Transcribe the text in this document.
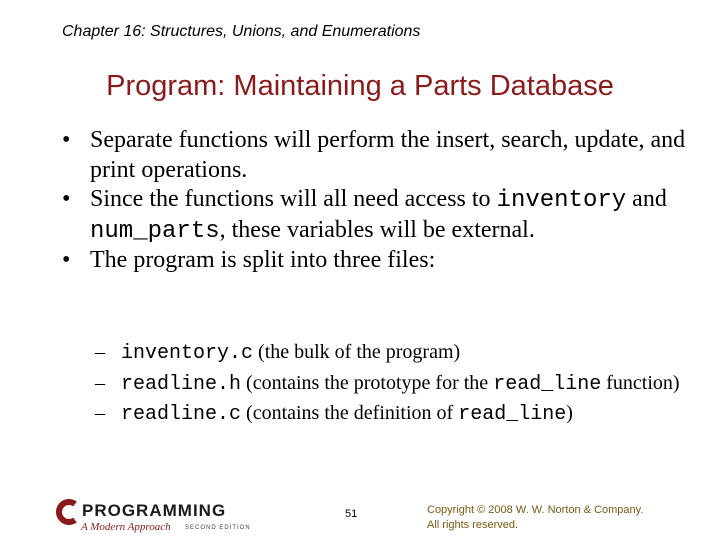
Chapter 16: Structures, Unions, and Enumerations
Program: Maintaining a Parts Database

• Separate functions will perform the insert, search, update, and print operations.

• Since the functions will all need access to inventory and num_parts, these variables will be external.

• The program is split into three files:

– inventory.c (the bulk of the program)

– readline.h (contains the prototype for the read_line function)

– readline.c (contains the definition of read_line)

PROGRAMMING
A Modern Approach SECOND EDITION
51	Copyright © 2008 W. W. Norton & Company.
All rights reserved.
